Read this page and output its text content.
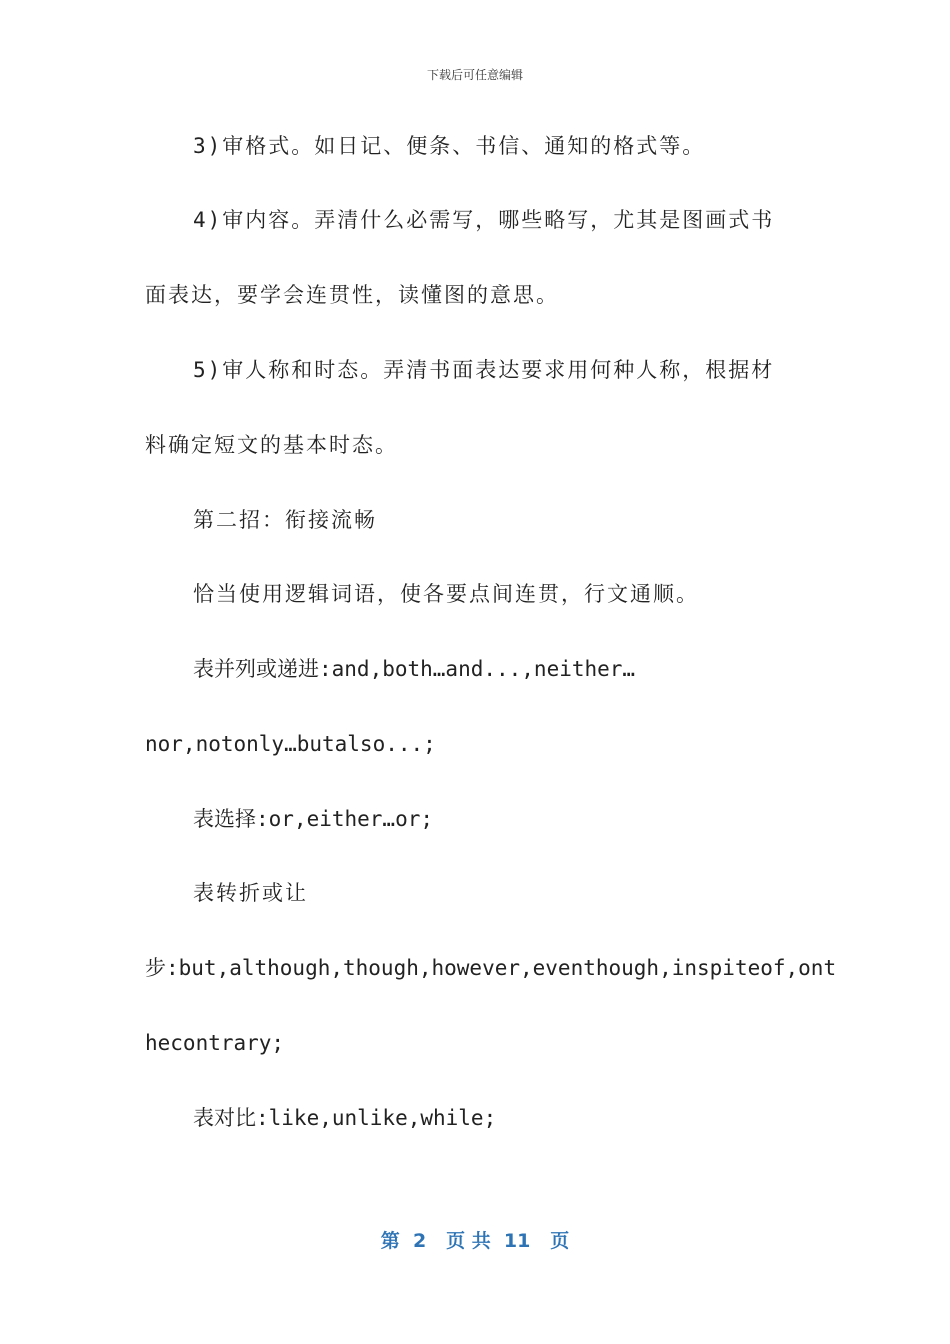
下载后可任意编辑
3)审格式。如日记、便条、书信、通知的格式等。
4)审内容。弄清什么必需写，哪些略写，尤其是图画式书
面表达，要学会连贯性，读懂图的意思。
5)审人称和时态。弄清书面表达要求用何种人称，根据材
料确定短文的基本时态。
第二招：衔接流畅
恰当使用逻辑词语，使各要点间连贯，行文通顺。
表并列或递进:and,both…and...,neither…
nor,notonly…butalso...;
表选择:or,either…or;
表转折或让
步:but,although,though,however,eventhough,inspiteof,ont
hecontrary;
表对比:like,unlike,while;
第  2   页 共  11   页
